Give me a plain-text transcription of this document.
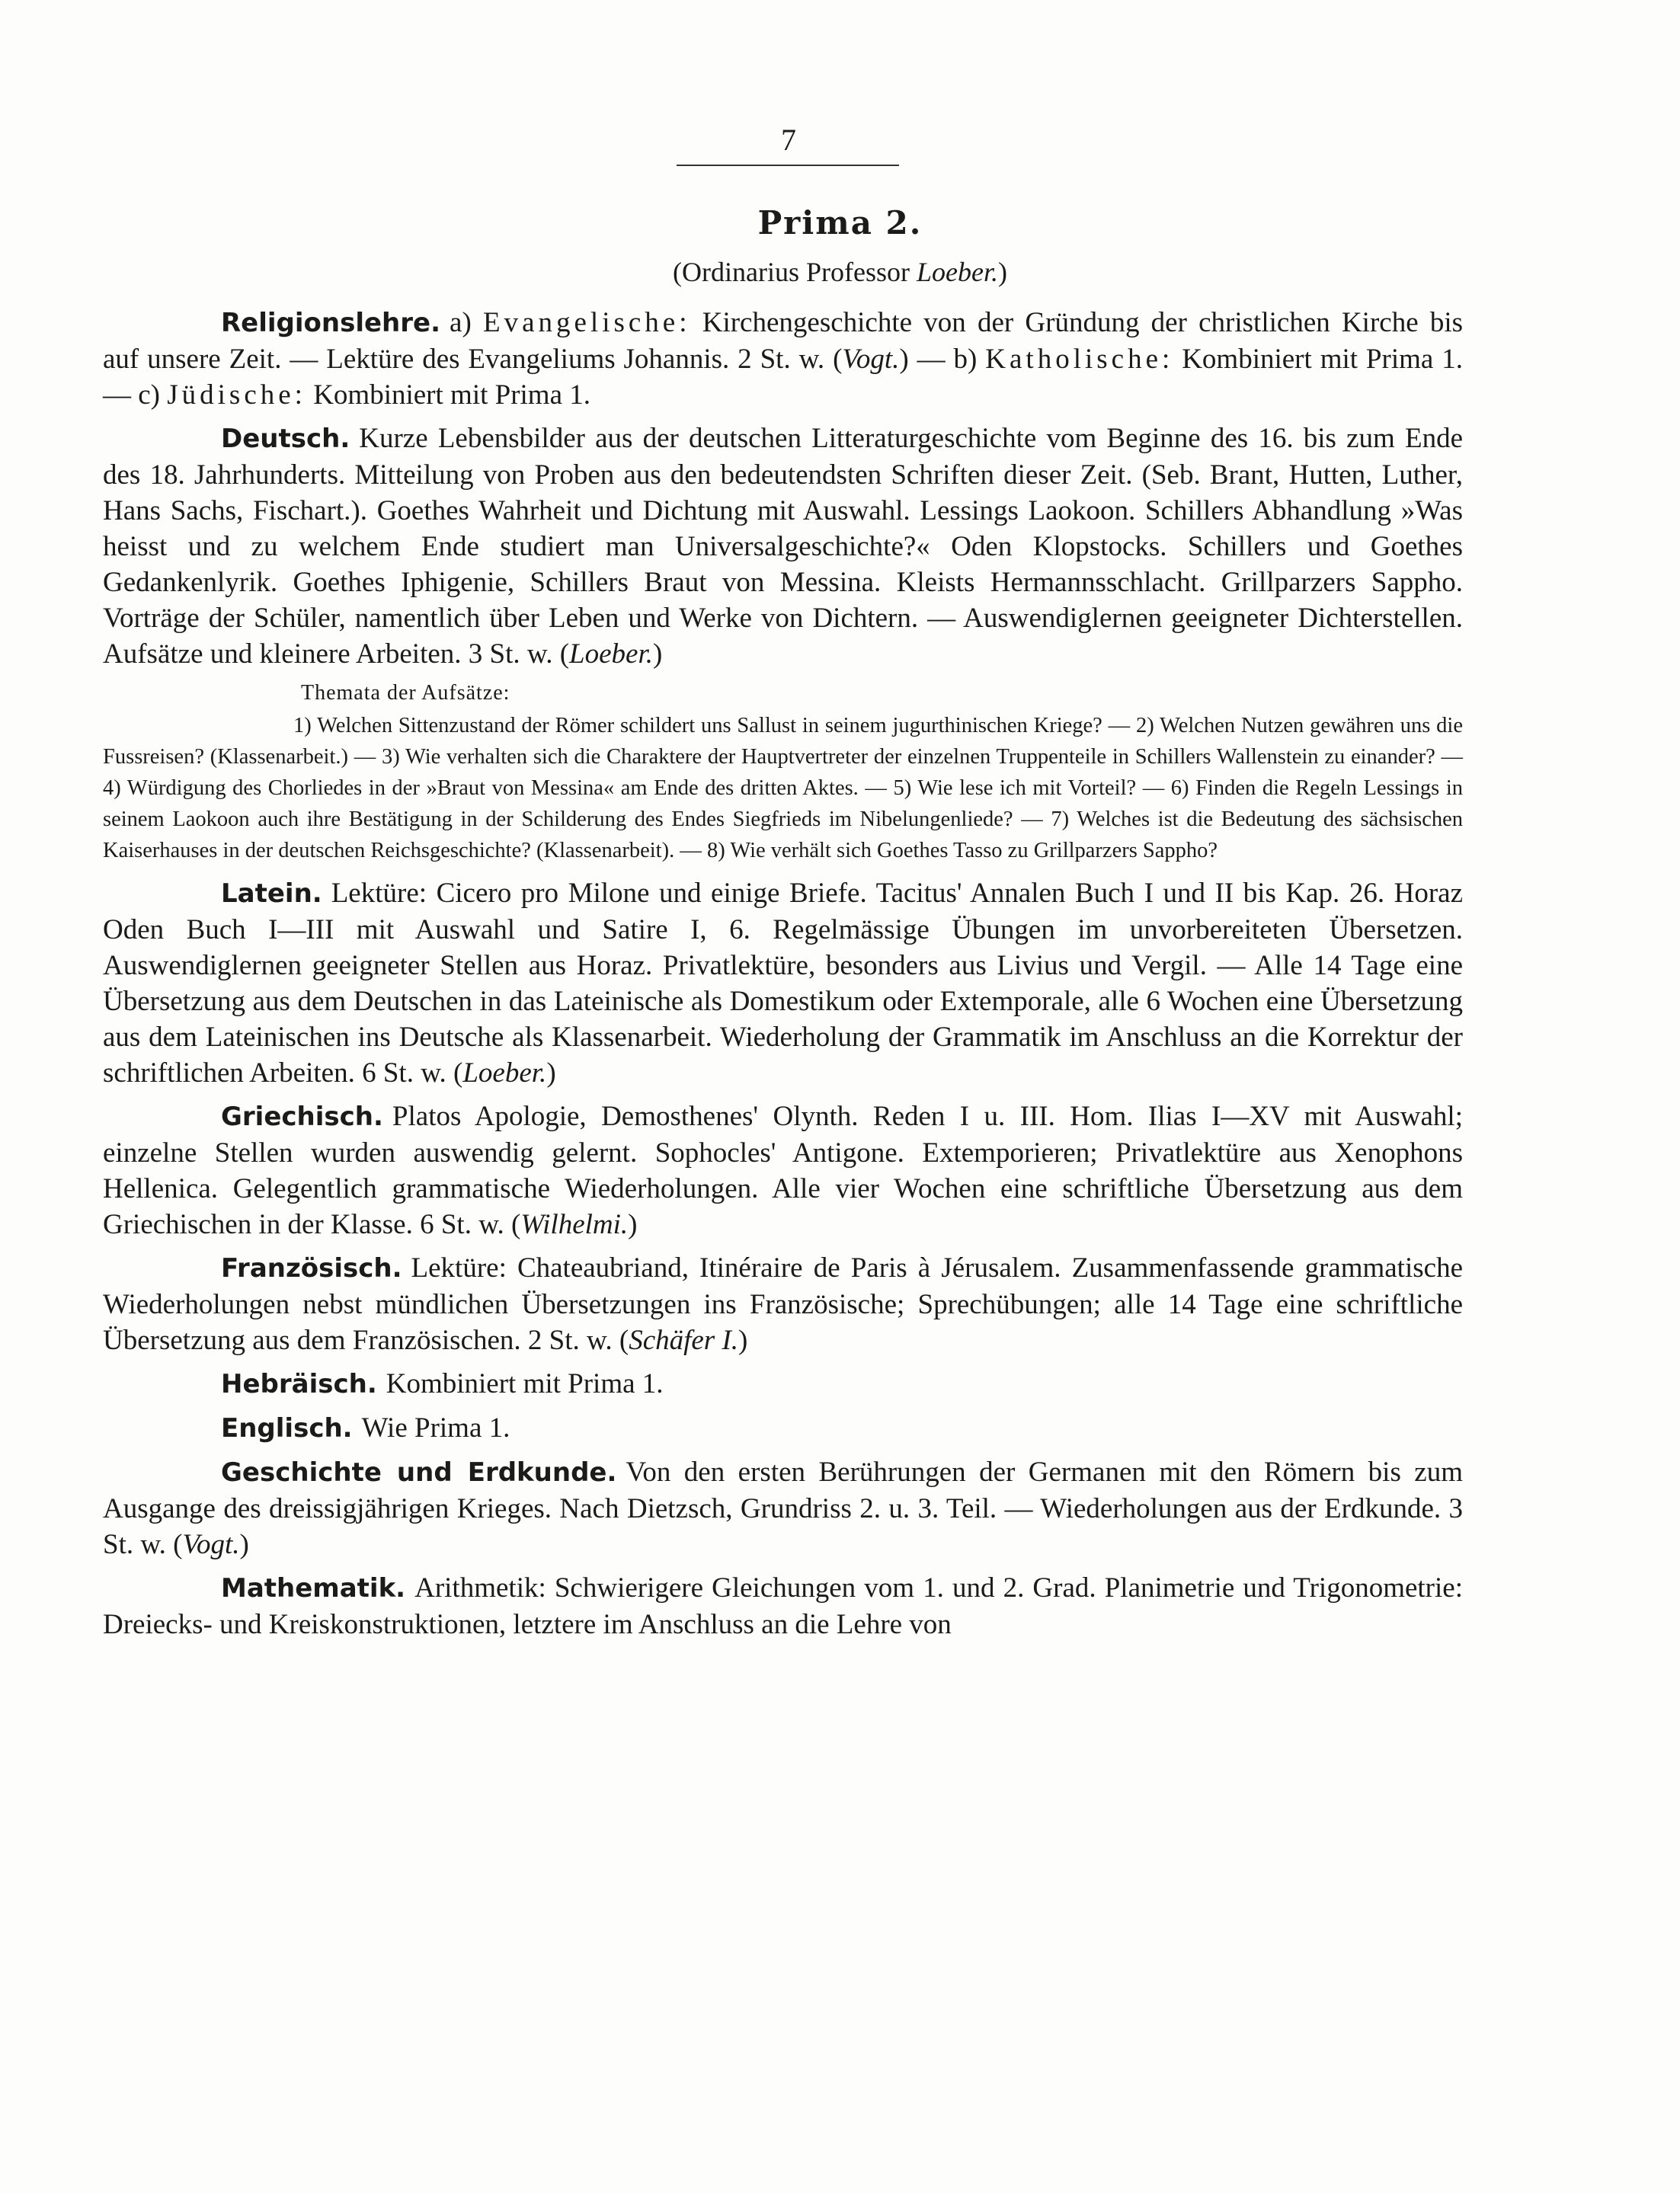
7
Prima 2.
(Ordinarius Professor Loeber.)

Religionslehre. a) Evangelische: Kirchengeschichte von der Gründung der christlichen Kirche bis auf unsere Zeit. — Lektüre des Evangeliums Johannis. 2 St. w. (Vogt.) — b) Katholische: Kombiniert mit Prima 1. — c) Jüdische: Kombiniert mit Prima 1.

Deutsch. Kurze Lebensbilder aus der deutschen Litteraturgeschichte vom Beginne des 16. bis zum Ende des 18. Jahrhunderts. Mitteilung von Proben aus den bedeutendsten Schriften dieser Zeit. (Seb. Brant, Hutten, Luther, Hans Sachs, Fischart.). Goethes Wahrheit und Dichtung mit Auswahl. Lessings Laokoon. Schillers Abhandlung »Was heisst und zu welchem Ende studiert man Universalgeschichte?« Oden Klopstocks. Schillers und Goethes Gedankenlyrik. Goethes Iphigenie, Schillers Braut von Messina. Kleists Hermannsschlacht. Grillparzers Sappho. Vorträge der Schüler, namentlich über Leben und Werke von Dichtern. — Auswendiglernen geeigneter Dichterstellen. Aufsätze und kleinere Arbeiten. 3 St. w. (Loeber.)

Themata der Aufsätze:

1) Welchen Sittenzustand der Römer schildert uns Sallust in seinem jugurthinischen Kriege? — 2) Welchen Nutzen gewähren uns die Fussreisen? (Klassenarbeit.) — 3) Wie verhalten sich die Charaktere der Hauptvertreter der einzelnen Truppenteile in Schillers Wallenstein zu einander? — 4) Würdigung des Chorliedes in der »Braut von Messina« am Ende des dritten Aktes. — 5) Wie lese ich mit Vorteil? — 6) Finden die Regeln Lessings in seinem Laokoon auch ihre Bestätigung in der Schilderung des Endes Siegfrieds im Nibelungenliede? — 7) Welches ist die Bedeutung des sächsischen Kaiserhauses in der deutschen Reichsgeschichte? (Klassenarbeit). — 8) Wie verhält sich Goethes Tasso zu Grillparzers Sappho?

Latein. Lektüre: Cicero pro Milone und einige Briefe. Tacitus' Annalen Buch I und II bis Kap. 26. Horaz Oden Buch I—III mit Auswahl und Satire I, 6. Regelmässige Übungen im unvorbereiteten Übersetzen. Auswendiglernen geeigneter Stellen aus Horaz. Privatlektüre, besonders aus Livius und Vergil. — Alle 14 Tage eine Übersetzung aus dem Deutschen in das Lateinische als Domestikum oder Extemporale, alle 6 Wochen eine Übersetzung aus dem Lateinischen ins Deutsche als Klassenarbeit. Wiederholung der Grammatik im Anschluss an die Korrektur der schriftlichen Arbeiten. 6 St. w. (Loeber.)

Griechisch. Platos Apologie, Demosthenes' Olynth. Reden I u. III. Hom. Ilias I—XV mit Auswahl; einzelne Stellen wurden auswendig gelernt. Sophocles' Antigone. Extemporieren; Privatlektüre aus Xenophons Hellenica. Gelegentlich grammatische Wiederholungen. Alle vier Wochen eine schriftliche Übersetzung aus dem Griechischen in der Klasse. 6 St. w. (Wilhelmi.)

Französisch. Lektüre: Chateaubriand, Itinéraire de Paris à Jérusalem. Zusammenfassende grammatische Wiederholungen nebst mündlichen Übersetzungen ins Französische; Sprechübungen; alle 14 Tage eine schriftliche Übersetzung aus dem Französischen. 2 St. w. (Schäfer I.)

Hebräisch. Kombiniert mit Prima 1.

Englisch. Wie Prima 1.

Geschichte und Erdkunde. Von den ersten Berührungen der Germanen mit den Römern bis zum Ausgange des dreissigjährigen Krieges. Nach Dietzsch, Grundriss 2. u. 3. Teil. — Wiederholungen aus der Erdkunde. 3 St. w. (Vogt.)

Mathematik. Arithmetik: Schwierigere Gleichungen vom 1. und 2. Grad. Planimetrie und Trigonometrie: Dreiecks- und Kreiskonstruktionen, letztere im Anschluss an die Lehre von
